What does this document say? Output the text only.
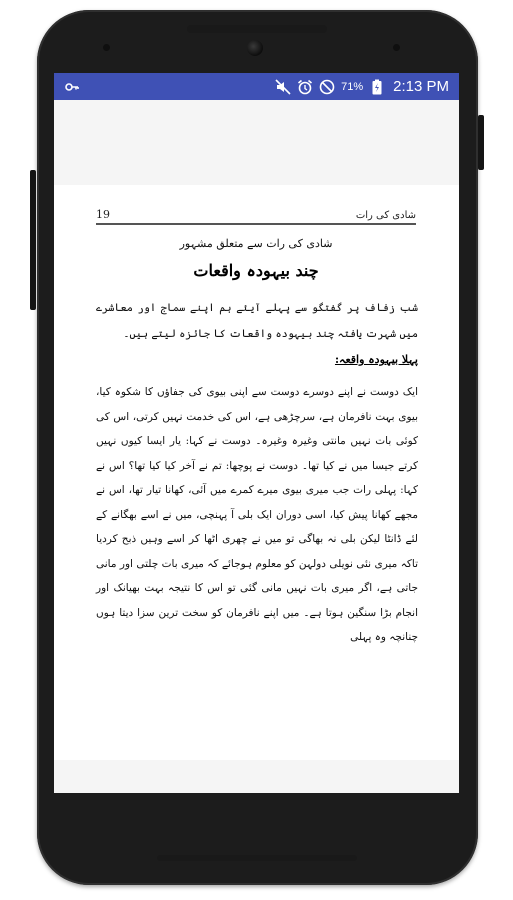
71% 2:13 PM
19	شادی کی رات
شادی کی رات سے متعلق مشہور
چند بیہودہ واقعات
شب زفاف پر گفتگو سے پہلے آیئے ہم اپنے سماج اور معاشرے میں شہرت یافتہ چند بیہودہ واقعات کا جائزہ لیتے ہیں۔
پہلا بیہودہ واقعہ:
ایک دوست نے اپنے دوسرے دوست سے اپنی بیوی کی جفاؤں کا شکوہ کیا، بیوی بہت نافرمان ہے، سرچڑھی ہے، اس کی خدمت نہیں کرتی، اس کی کوئی بات نہیں مانتی وغیرہ وغیرہ۔ دوست نے کہا: یار ایسا کیوں نہیں کرتے جیسا میں نے کیا تھا۔ دوست نے پوچھا: تم نے آخر کیا کیا تھا؟ اس نے کہا: پہلی رات جب میری بیوی میرے کمرے میں آئی، کھانا تیار تھا، اس نے مجھے کھانا پیش کیا، اسی دوران ایک بلی آ پہنچی، میں نے اسے بھگانے کے لئے ڈانٹا لیکن بلی نہ بھاگی تو میں نے چھری اٹھا کر اسے وہیں ذبح کردیا تاکہ میری نئی نویلی دولہن کو معلوم ہوجائے کہ میری بات چلتی اور مانی جاتی ہے، اگر میری بات نہیں مانی گئی تو اس کا نتیجہ بہت بھیانک اور انجام بڑا سنگین ہوتا ہے۔ میں اپنے نافرمان کو سخت ترین سزا دیتا ہوں چنانچہ وہ پہلی
